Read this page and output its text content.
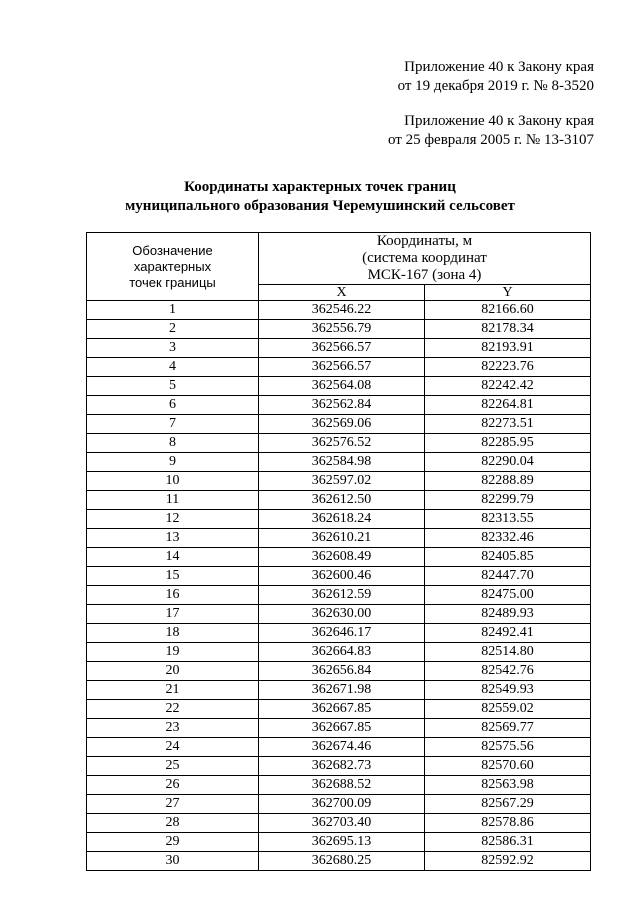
Приложение 40 к Закону края
от 19 декабря 2019 г. № 8-3520
Приложение 40 к Закону края
от 25 февраля 2005 г. № 13-3107
Координаты характерных точек границ
муниципального образования Черемушинский сельсовет
Обозначение
характерных
точек границы	Координаты, м
(система координат
МСК-167 (зона 4)	

	X	Y
1	362546.22	82166.60
2	362556.79	82178.34
3	362566.57	82193.91
4	362566.57	82223.76
5	362564.08	82242.42
6	362562.84	82264.81
7	362569.06	82273.51
8	362576.52	82285.95
9	362584.98	82290.04
10	362597.02	82288.89
11	362612.50	82299.79
12	362618.24	82313.55
13	362610.21	82332.46
14	362608.49	82405.85
15	362600.46	82447.70
16	362612.59	82475.00
17	362630.00	82489.93
18	362646.17	82492.41
19	362664.83	82514.80
20	362656.84	82542.76
21	362671.98	82549.93
22	362667.85	82559.02
23	362667.85	82569.77
24	362674.46	82575.56
25	362682.73	82570.60
26	362688.52	82563.98
27	362700.09	82567.29
28	362703.40	82578.86
29	362695.13	82586.31
30	362680.25	82592.92
